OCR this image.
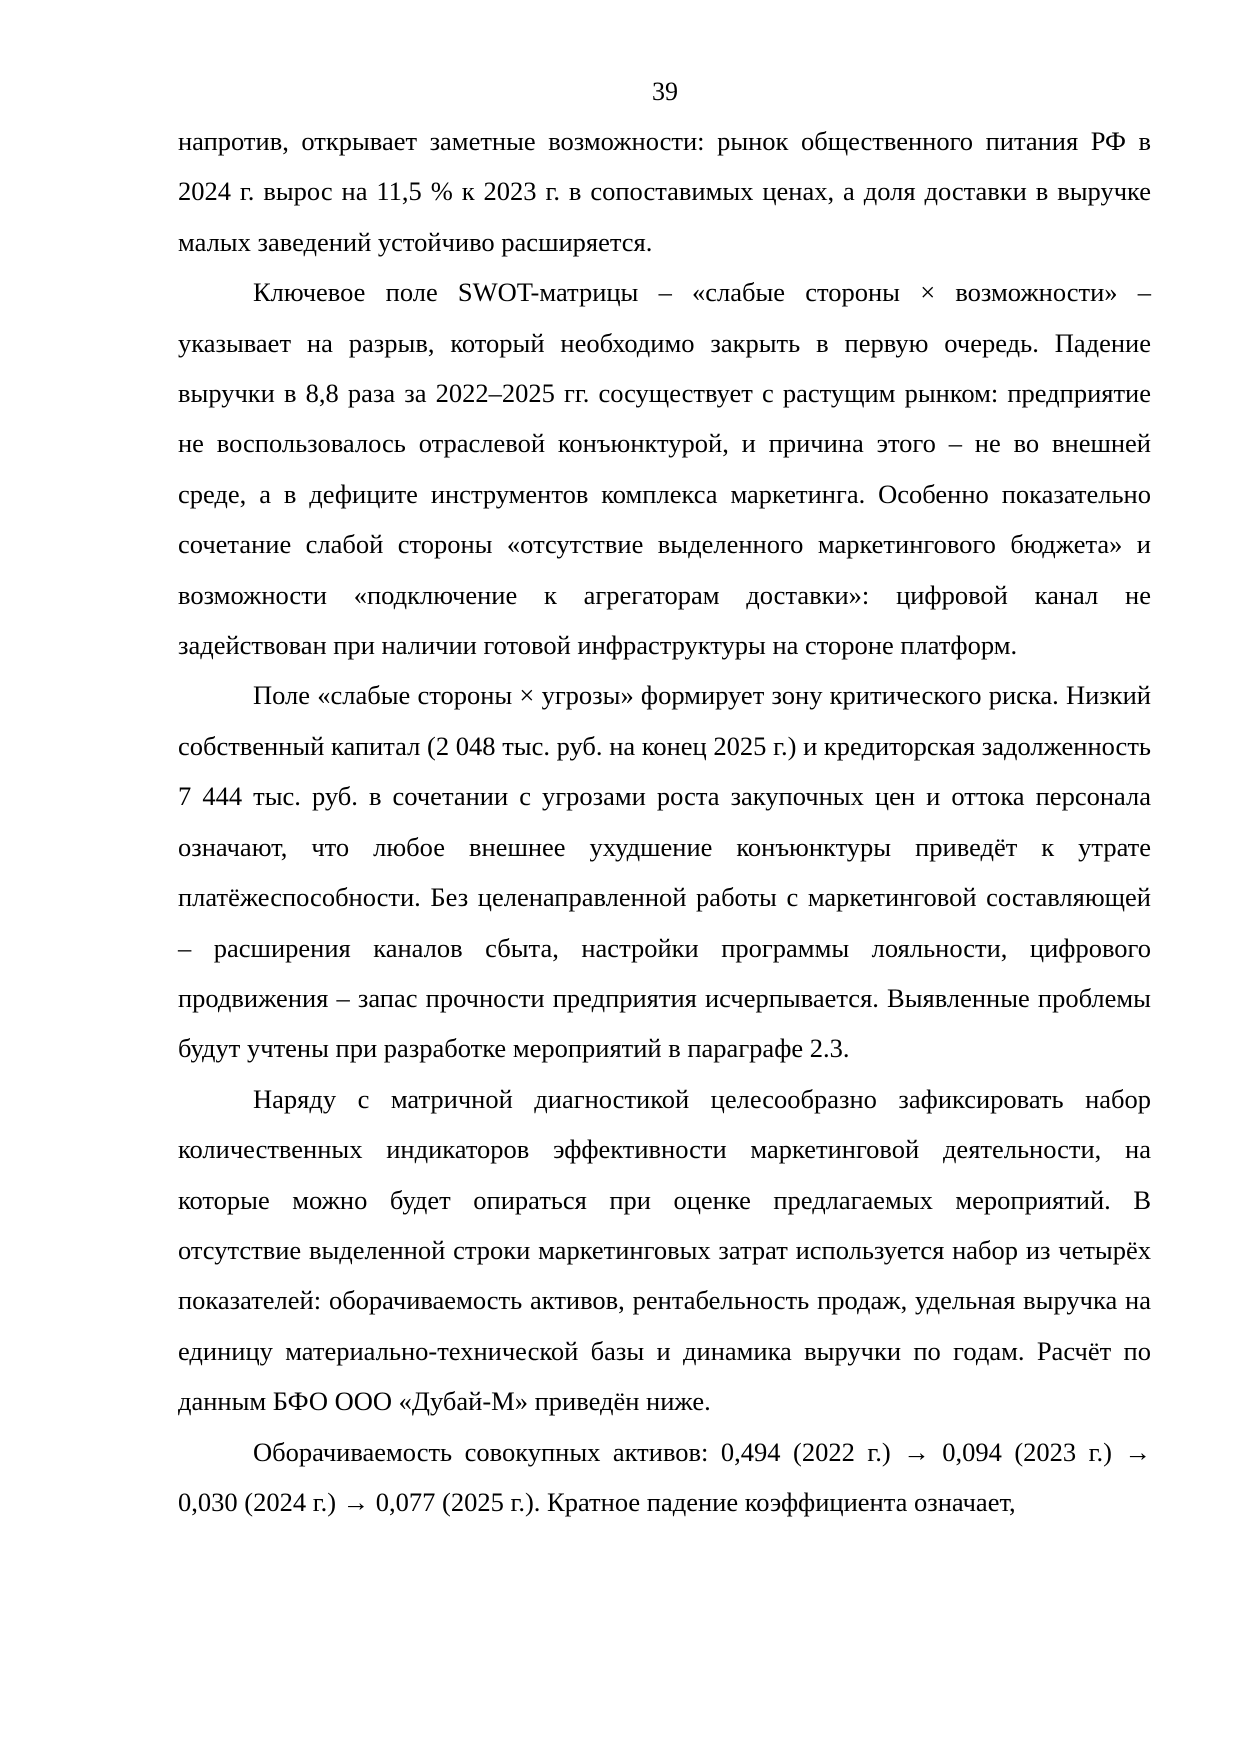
39

напротив, открывает заметные возможности: рынок общественного питания РФ в 2024 г. вырос на 11,5 % к 2023 г. в сопоставимых ценах, а доля доставки в выручке малых заведений устойчиво расширяется.

Ключевое поле SWOT-матрицы – «слабые стороны × возможности» – указывает на разрыв, который необходимо закрыть в первую очередь. Падение выручки в 8,8 раза за 2022–2025 гг. сосуществует с растущим рынком: предприятие не воспользовалось отраслевой конъюнктурой, и причина этого – не во внешней среде, а в дефиците инструментов комплекса маркетинга. Особенно показательно сочетание слабой стороны «отсутствие выделенного маркетингового бюджета» и возможности «подключение к агрегаторам доставки»: цифровой канал не задействован при наличии готовой инфраструктуры на стороне платформ.

Поле «слабые стороны × угрозы» формирует зону критического риска. Низкий собственный капитал (2 048 тыс. руб. на конец 2025 г.) и кредиторская задолженность 7 444 тыс. руб. в сочетании с угрозами роста закупочных цен и оттока персонала означают, что любое внешнее ухудшение конъюнктуры приведёт к утрате платёжеспособности. Без целенаправленной работы с маркетинговой составляющей – расширения каналов сбыта, настройки программы лояльности, цифрового продвижения – запас прочности предприятия исчерпывается. Выявленные проблемы будут учтены при разработке мероприятий в параграфе 2.3.

Наряду с матричной диагностикой целесообразно зафиксировать набор количественных индикаторов эффективности маркетинговой деятельности, на которые можно будет опираться при оценке предлагаемых мероприятий. В отсутствие выделенной строки маркетинговых затрат используется набор из четырёх показателей: оборачиваемость активов, рентабельность продаж, удельная выручка на единицу материально-технической базы и динамика выручки по годам. Расчёт по данным БФО ООО «Дубай-М» приведён ниже.

Оборачиваемость совокупных активов: 0,494 (2022 г.) → 0,094 (2023 г.) → 0,030 (2024 г.) → 0,077 (2025 г.). Кратное падение коэффициента означает,
